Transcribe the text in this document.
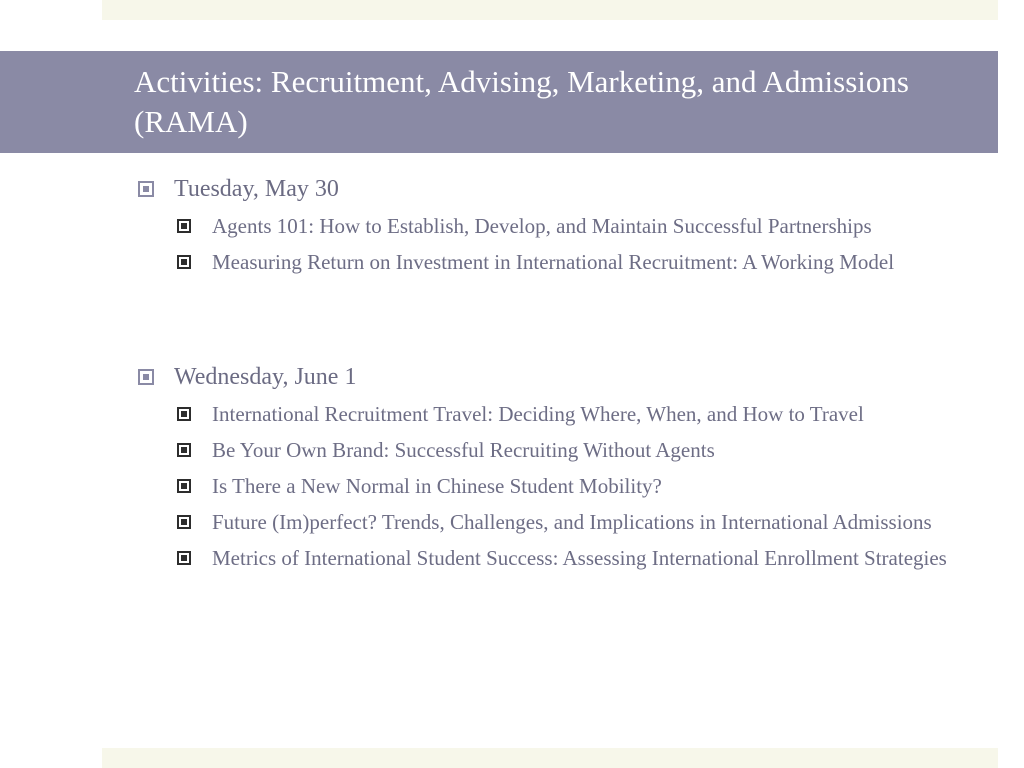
Activities: Recruitment, Advising, Marketing, and Admissions (RAMA)
Tuesday, May 30
Agents 101: How to Establish, Develop, and Maintain Successful Partnerships
Measuring Return on Investment in International Recruitment: A Working Model
Wednesday, June 1
International Recruitment Travel: Deciding Where, When, and How to Travel
Be Your Own Brand: Successful Recruiting Without Agents
Is There a New Normal in Chinese Student Mobility?
Future (Im)perfect? Trends, Challenges, and Implications in International Admissions
Metrics of International Student Success: Assessing International Enrollment Strategies
